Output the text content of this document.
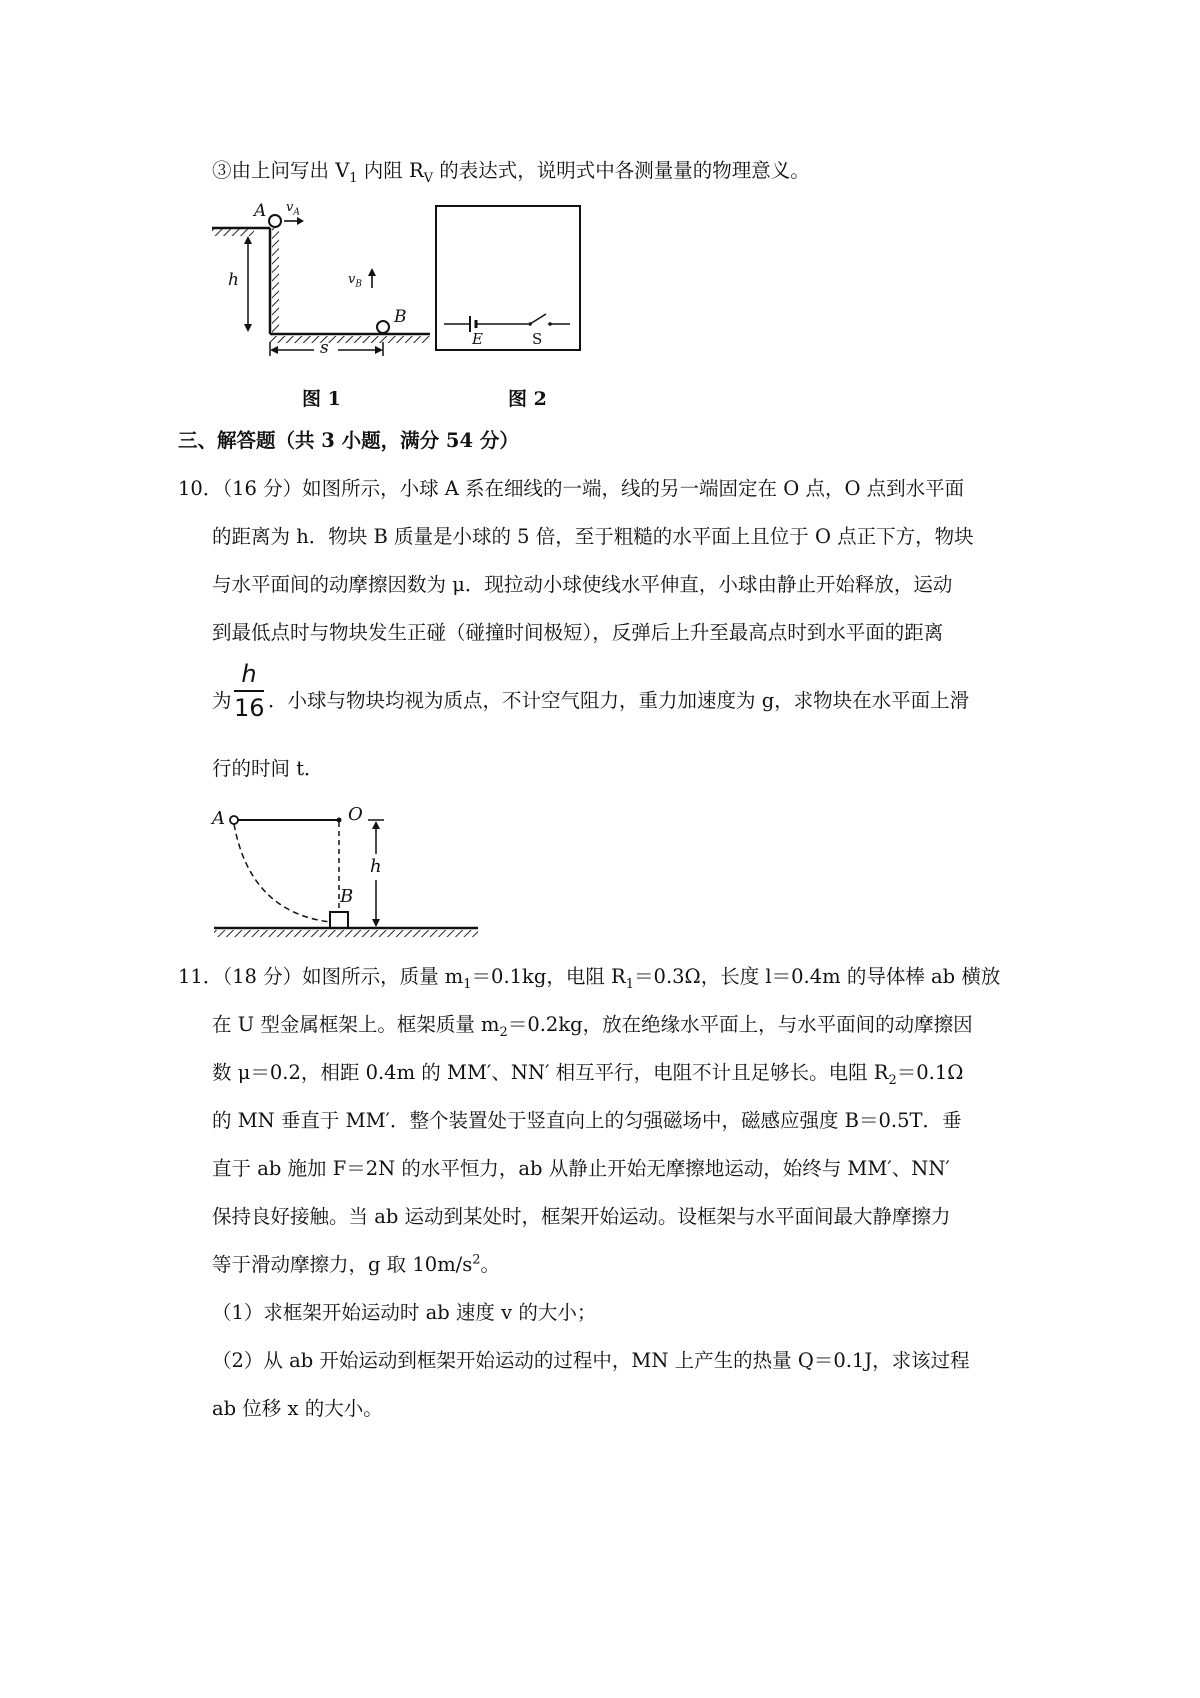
③由上问写出 $V_1$ 内阻 $R_V$ 的表达式，说明式中各测量量的物理意义。
A $v_A$
h	$v_B$
B
s
图 1
E	S
图 2
三、解答题（共 3 小题，满分 54 分）
10．（16 分）如图所示，小球 A 系在细线的一端，线的另一端固定在 O 点，O 点到水平面
的距离为 h．物块 B 质量是小球的 5 倍，至于粗糙的水平面上且位于 O 点正下方，物块
与水平面间的动摩擦因数为 μ．现拉动小球使线水平伸直，小球由静止开始释放，运动
到最低点时与物块发生正碰（碰撞时间极短），反弹后上升至最高点时到水平面的距离
为
h
16 ．小球与物块均视为质点，不计空气阻力，重力加速度为 g，求物块在水平面上滑
行的时间 t．
A	O
h
B
11．（18 分）如图所示，质量 $m_1=0.1kg$，电阻 $R_1=0.3\Omega$，长度 l＝0.4m 的导体棒 ab 横放
在 U 型金属框架上。框架质量 $m_2=0.2kg$，放在绝缘水平面上，与水平面间的动摩擦因
数 μ＝0.2，相距 0.4m 的 MM′、NN′ 相互平行，电阻不计且足够长。电阻 $R_2=0.1\Omega$
的 MN 垂直于 MM′．整个装置处于竖直向上的匀强磁场中，磁感应强度 B＝0.5T．垂
直于 ab 施加 F＝2N 的水平恒力，ab 从静止开始无摩擦地运动，始终与 MM′、NN′
保持良好接触。当 ab 运动到某处时，框架开始运动。设框架与水平面间最大静摩擦力
等于滑动摩擦力，g 取 $10m/s^2$。
（1）求框架开始运动时 ab 速度 v 的大小；
（2）从 ab 开始运动到框架开始运动的过程中，MN 上产生的热量 Q＝0.1J，求该过程
ab 位移 x 的大小。
